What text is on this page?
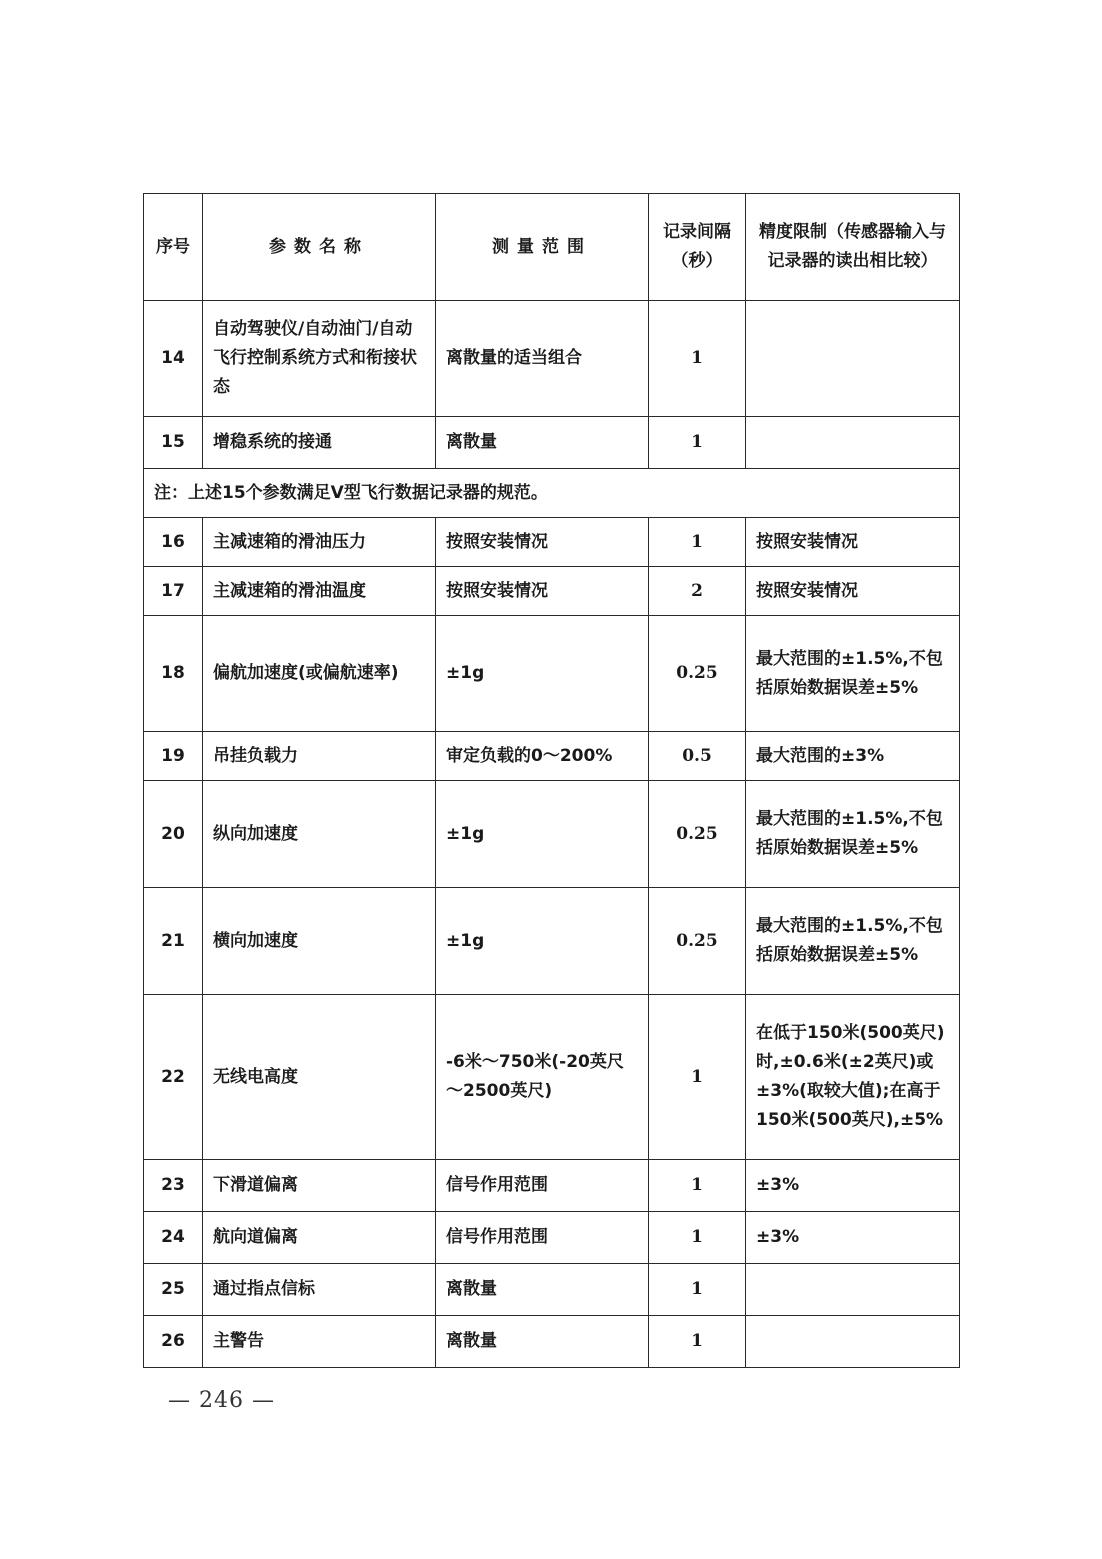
序号	参数名称	测量范围	记录间隔（秒）	精度限制（传感器输入与记录器的读出相比较）
14	自动驾驶仪/自动油门/自动飞行控制系统方式和衔接状态	离散量的适当组合	1	
15	增稳系统的接通	离散量	1	
注：上述15个参数满足V型飞行数据记录器的规范。				
16	主减速箱的滑油压力	按照安装情况	1	按照安装情况
17	主减速箱的滑油温度	按照安装情况	2	按照安装情况
18	偏航加速度(或偏航速率)	±1g	0.25	最大范围的±1.5%,不包括原始数据误差±5%
19	吊挂负载力	审定负载的0～200%	0.5	最大范围的±3%
20	纵向加速度	±1g	0.25	最大范围的±1.5%,不包括原始数据误差±5%
21	横向加速度	±1g	0.25	最大范围的±1.5%,不包括原始数据误差±5%
22	无线电高度	-6米～750米(-20英尺～2500英尺)	1	在低于150米(500英尺)时,±0.6米(±2英尺)或±3%(取较大值);在高于150米(500英尺),±5%
23	下滑道偏离	信号作用范围	1	±3%
24	航向道偏离	信号作用范围	1	±3%
25	通过指点信标	离散量	1	
26	主警告	离散量	1	
— 246 —
